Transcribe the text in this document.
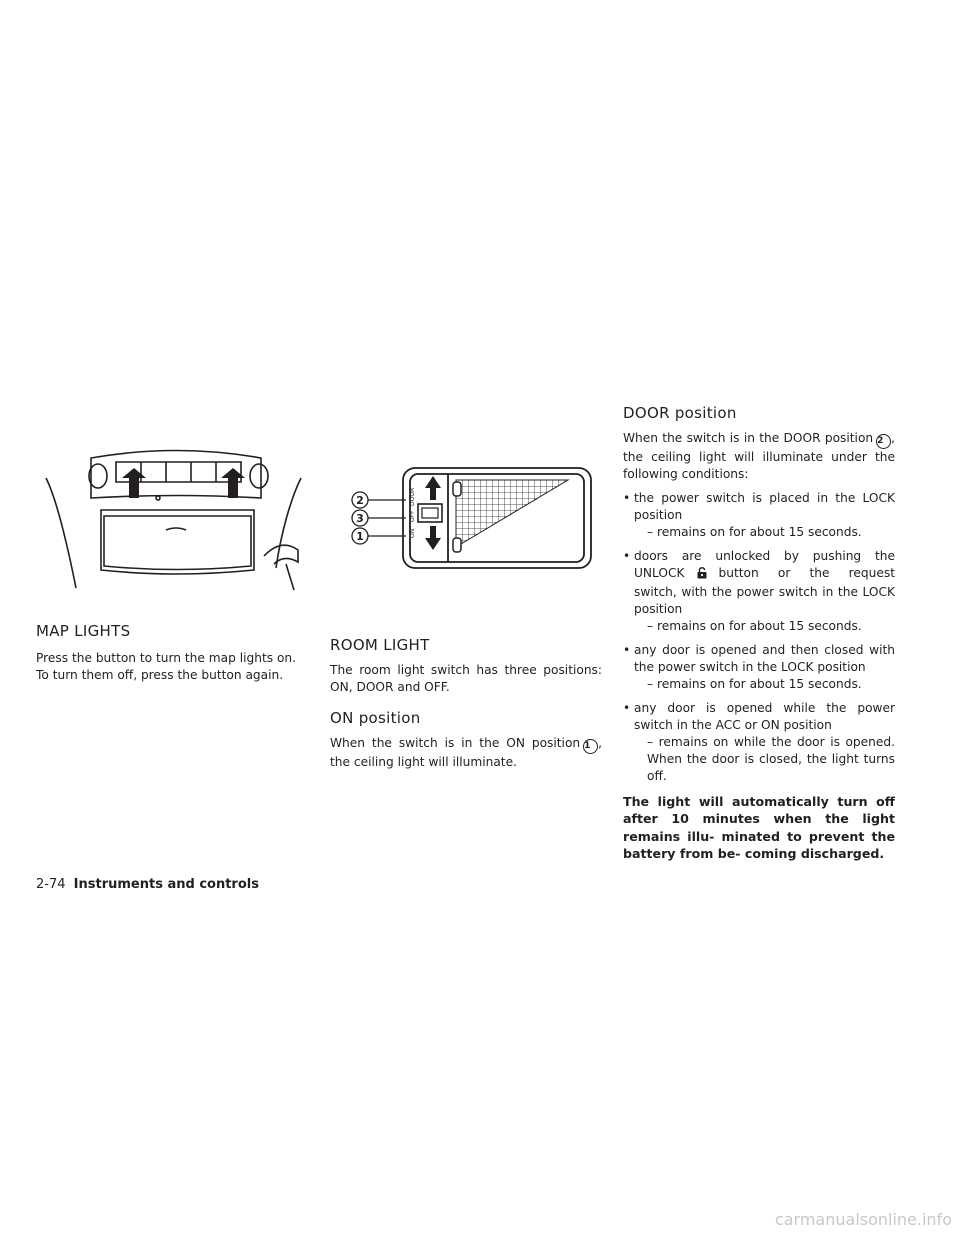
DOOR
OFF
ON
2
3
1
MAP LIGHTS

Press the button to turn the map lights on. To turn them off, press the button again.

ROOM LIGHT

The room light switch has three positions: ON, DOOR and OFF.

ON position

When the switch is in the ON position 1 , the ceiling light will illuminate.

DOOR position

When the switch is in the DOOR position 2 , the ceiling light will illuminate under the following conditions:

• the power switch is placed in the LOCK position
– remains on for about 15 seconds.
• doors are unlocked by pushing the UNLOCK	button or the request switch, with the power switch in the LOCK position
– remains on for about 15 seconds.
• any door is opened and then closed with the power switch in the LOCK position
– remains on for about 15 seconds.
• any door is opened while the power switch in the ACC or ON position
– remains on while the door is opened. When the door is closed, the light turns off.

The light will automatically turn off after 10 minutes when the light remains illu- minated to prevent the battery from be- coming discharged.

2-74 Instruments and controls
carmanualsonline.info
